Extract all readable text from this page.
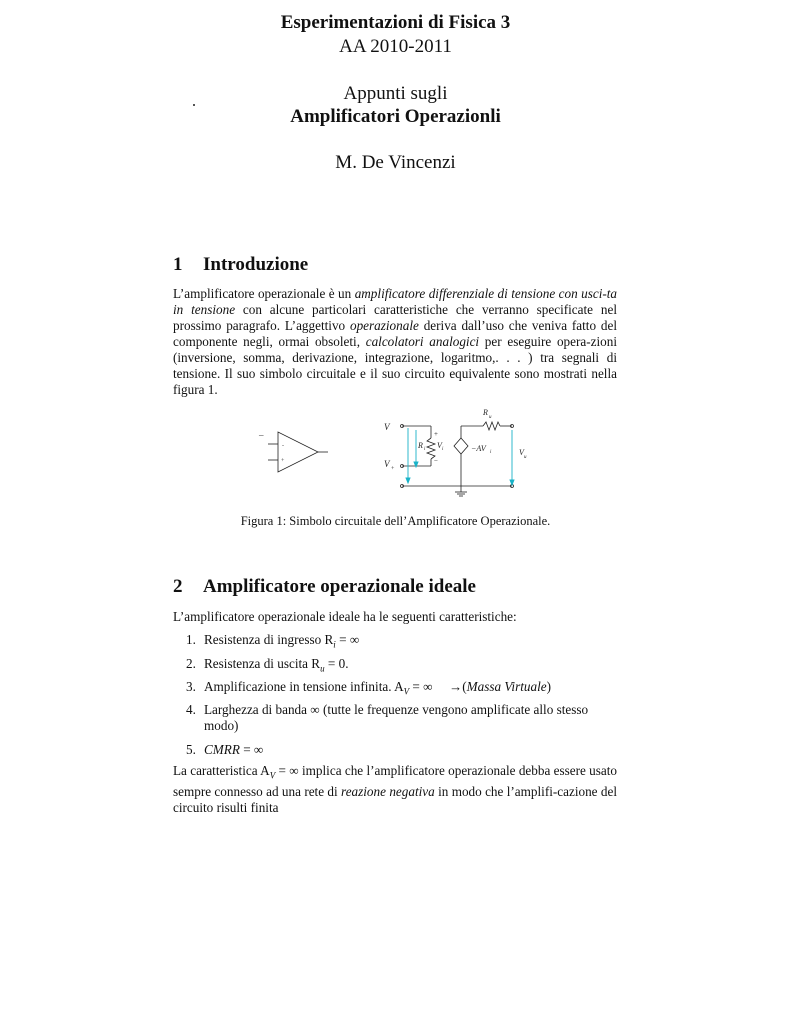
Esperimentazioni di Fisica 3
AA 2010-2011
Appunti sugli
Amplificatori Operazionli
M. De Vincenzi
1 Introduzione
L’amplificatore operazionale è un amplificatore differenziale di tensione con usci-ta in tensione con alcune particolari caratteristiche che verranno specificate nel prossimo paragrafo. L’aggettivo operazionale deriva dall’uso che veniva fatto del componente negli, ormai obsoleti, calcolatori analogici per eseguire opera-zioni (inversione, somma, derivazione, integrazione, logaritmo,. . . ) tra segnali di tensione. Il suo simbolo circuitale e il suo circuito equivalente sono mostrati nella figura 1.
-
+
–
V
V +
R i V i
+
−
R
u
−AV i	V
u
Figura 1: Simbolo circuitale dell’Amplificatore Operazionale.
2 Amplificatore operazionale ideale
L’amplificatore operazionale ideale ha le seguenti caratteristiche:
1. Resistenza di ingresso $R_i$ = ∞
2. Resistenza di uscita $R_u = 0$.
3. Amplificazione in tensione infinita. $A_V$ = ∞     →(Massa Virtuale)
4. Larghezza di banda ∞ (tutte le frequenze vengono amplificate allo stesso modo)
5. CMRR = ∞
La caratteristica $A_V$ = ∞ implica che l’amplificatore operazionale debba essere usato sempre connesso ad una rete di reazione negativa in modo che l’amplifi-cazione del circuito risulti finita
